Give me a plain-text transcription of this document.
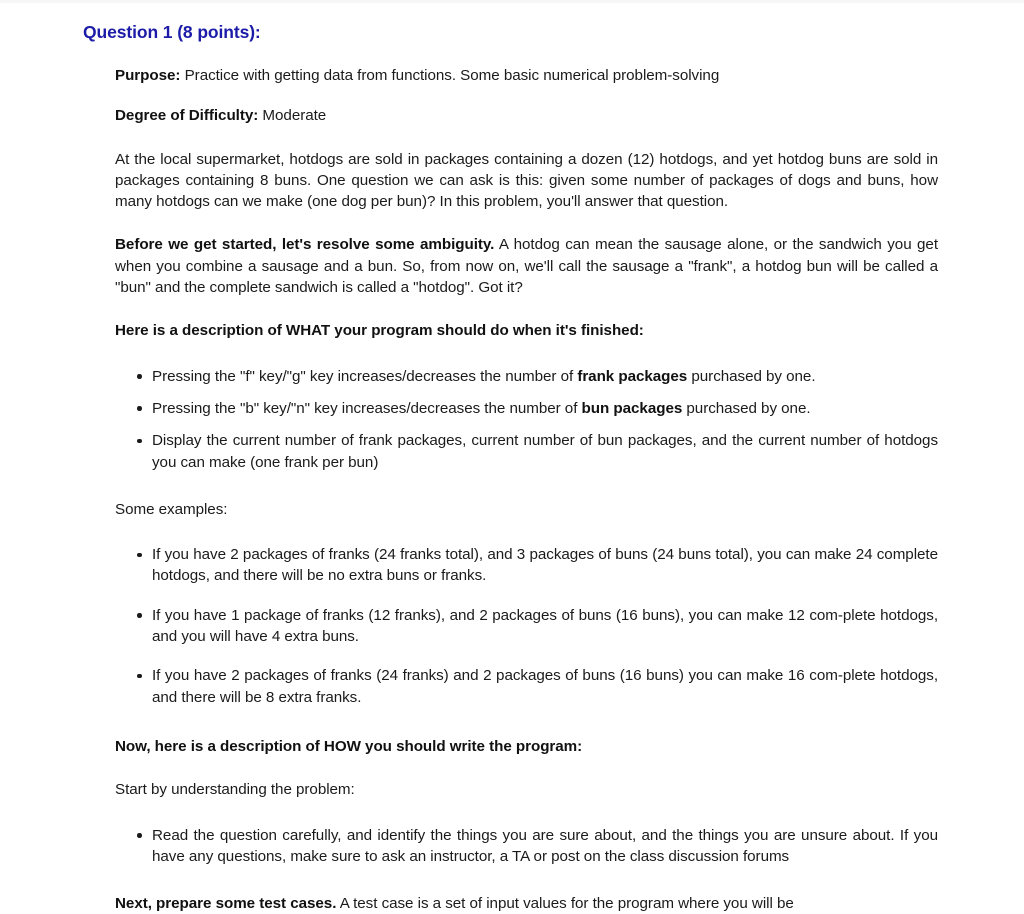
Question 1 (8 points):

Purpose: Practice with getting data from functions. Some basic numerical problem-solving

Degree of Difficulty: Moderate

At the local supermarket, hotdogs are sold in packages containing a dozen (12) hotdogs, and yet hotdog buns are sold in packages containing 8 buns. One question we can ask is this: given some number of packages of dogs and buns, how many hotdogs can we make (one dog per bun)? In this problem, you'll answer that question.

Before we get started, let's resolve some ambiguity. A hotdog can mean the sausage alone, or the sandwich you get when you combine a sausage and a bun. So, from now on, we'll call the sausage a "frank", a hotdog bun will be called a "bun" and the complete sandwich is called a "hotdog". Got it?

Here is a description of WHAT your program should do when it's finished:

Pressing the "f" key/"g" key increases/decreases the number of frank packages purchased by one.
Pressing the "b" key/"n" key increases/decreases the number of bun packages purchased by one.
Display the current number of frank packages, current number of bun packages, and the current number of hotdogs you can make (one frank per bun)

Some examples:

If you have 2 packages of franks (24 franks total), and 3 packages of buns (24 buns total), you can make 24 complete hotdogs, and there will be no extra buns or franks.
If you have 1 package of franks (12 franks), and 2 packages of buns (16 buns), you can make 12 com-plete hotdogs, and you will have 4 extra buns.
If you have 2 packages of franks (24 franks) and 2 packages of buns (16 buns) you can make 16 com-plete hotdogs, and there will be 8 extra franks.

Now, here is a description of HOW you should write the program:

Start by understanding the problem:

Read the question carefully, and identify the things you are sure about, and the things you are unsure about. If you have any questions, make sure to ask an instructor, a TA or post on the class discussion forums

Next, prepare some test cases. A test case is a set of input values for the program where you will be
